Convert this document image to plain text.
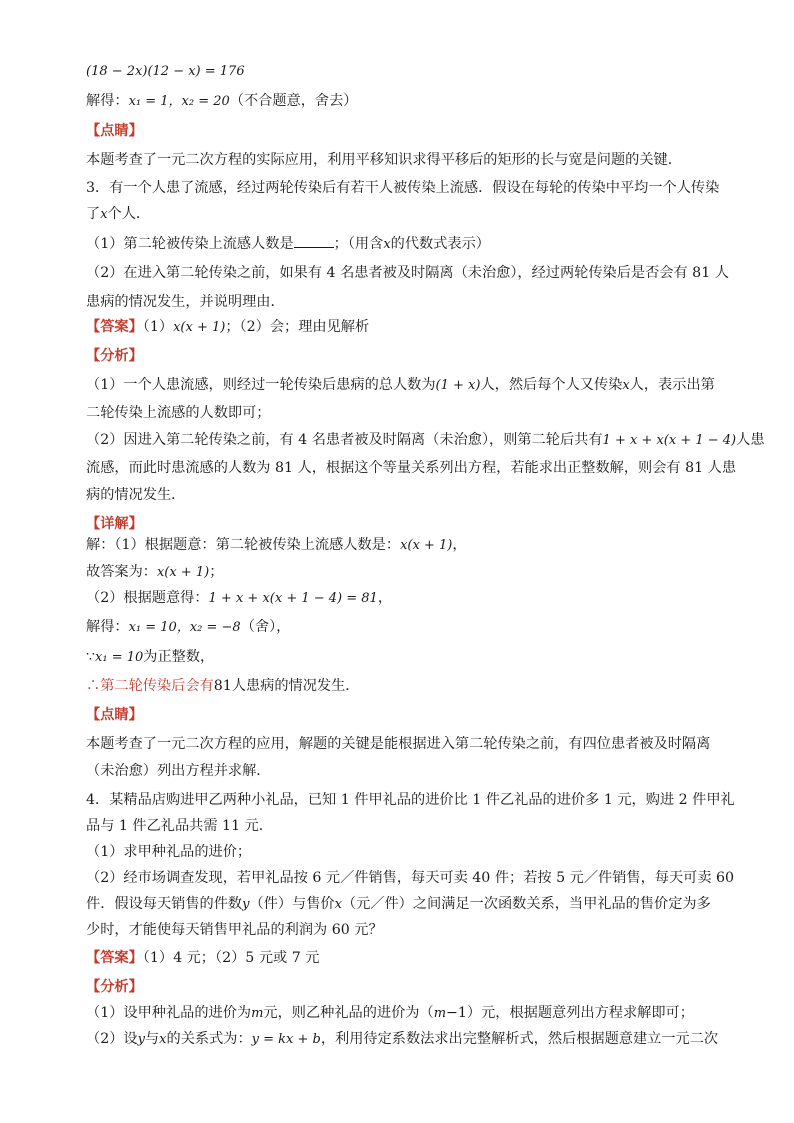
(18 − 2x)(12 − x) = 176
解得：x₁ = 1，x₂ = 20（不合题意，舍去）
【点睛】
本题考查了一元二次方程的实际应用，利用平移知识求得平移后的矩形的长与宽是问题的关键．
3．有一个人患了流感，经过两轮传染后有若干人被传染上流感．假设在每轮的传染中平均一个人传染
了x个人．
（1）第二轮被传染上流感人数是	；（用含x的代数式表示）
（2）在进入第二轮传染之前，如果有 4 名患者被及时隔离（未治愈），经过两轮传染后是否会有 81 人
患病的情况发生，并说明理由．
【答案】（1）x(x + 1)；（2）会；理由见解析
【分析】
（1）一个人患流感，则经过一轮传染后患病的总人数为(1 + x)人，然后每个人又传染x人，表示出第
二轮传染上流感的人数即可；
（2）因进入第二轮传染之前，有 4 名患者被及时隔离（未治愈），则第二轮后共有1 + x + x(x + 1 − 4)人患
流感，而此时患流感的人数为 81 人，根据这个等量关系列出方程，若能求出正整数解，则会有 81 人患
病的情况发生．
【详解】
解：（1）根据题意：第二轮被传染上流感人数是：x(x + 1)，
故答案为：x(x + 1)；
（2）根据题意得：1 + x + x(x + 1 − 4) = 81，
解得：x₁ = 10，x₂ = −8（舍），
∵x₁ = 10为正整数，
∴第二轮传染后会有81人患病的情况发生．
【点睛】
本题考查了一元二次方程的应用，解题的关键是能根据进入第二轮传染之前，有四位患者被及时隔离
（未治愈）列出方程并求解．
4．某精品店购进甲乙两种小礼品，已知 1 件甲礼品的进价比 1 件乙礼品的进价多 1 元，购进 2 件甲礼
品与 1 件乙礼品共需 11 元．
（1）求甲种礼品的进价；
（2）经市场调查发现，若甲礼品按 6 元／件销售，每天可卖 40 件；若按 5 元／件销售，每天可卖 60
件．假设每天销售的件数y（件）与售价x（元／件）之间满足一次函数关系，当甲礼品的售价定为多
少时，才能使每天销售甲礼品的利润为 60 元？
【答案】（1）4 元；（2）5 元或 7 元
【分析】
（1）设甲种礼品的进价为m元，则乙种礼品的进价为（m−1）元，根据题意列出方程求解即可；
（2）设y与x的关系式为：y = kx + b，利用待定系数法求出完整解析式，然后根据题意建立一元二次
